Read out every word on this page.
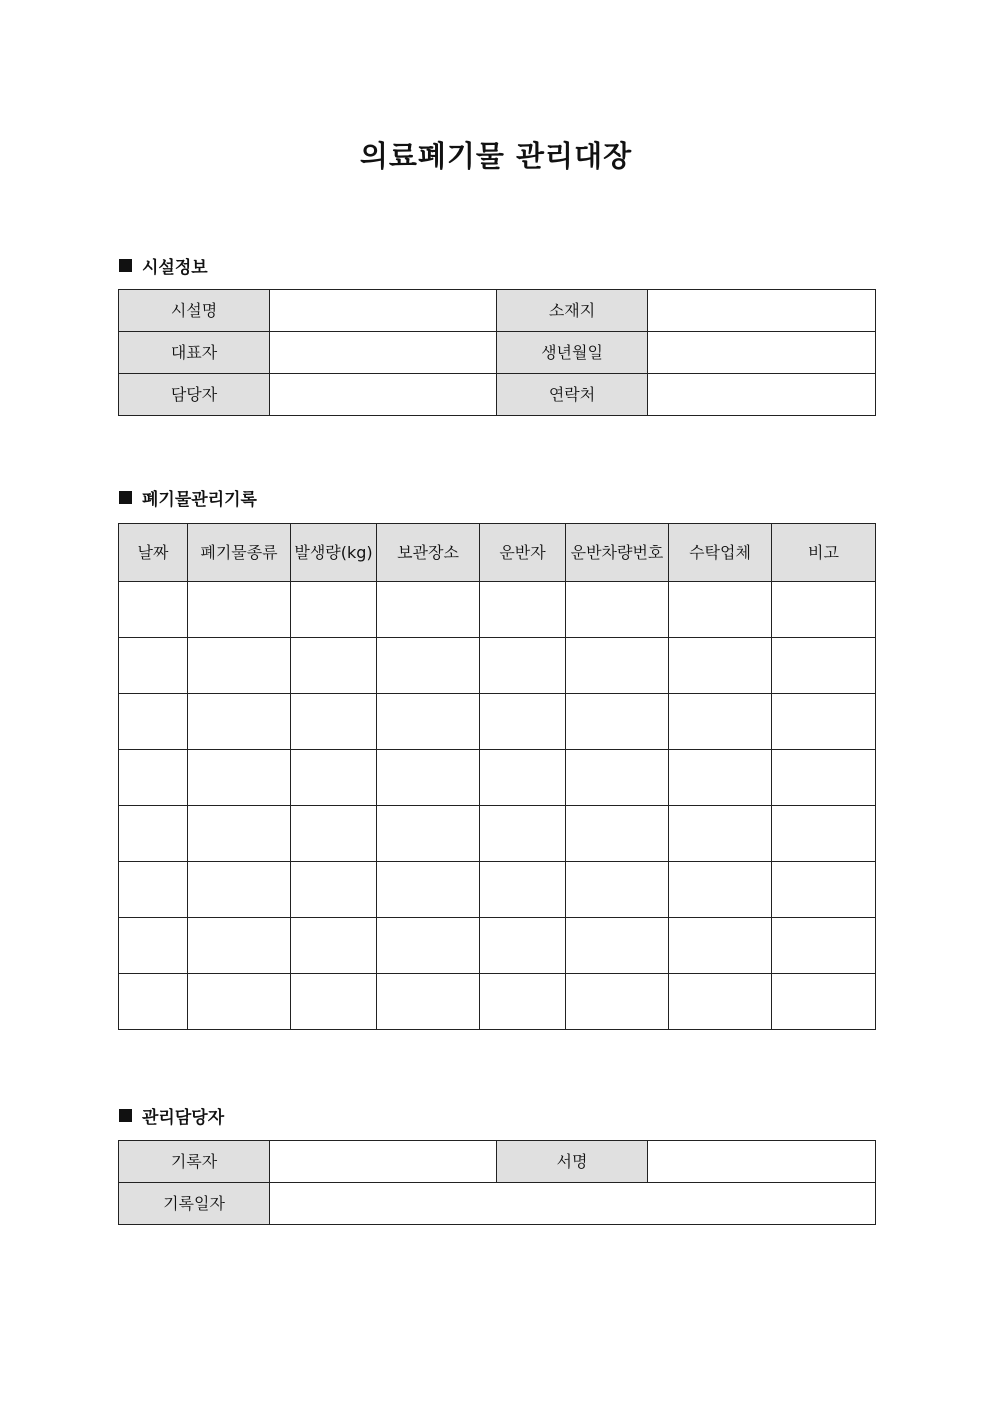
의료폐기물 관리대장
시설정보
시설명		소재지	
대표자		생년월일	
담당자		연락처	
폐기물관리기록
날짜	폐기물종류	발생량(kg)	보관장소	운반자	운반차량번호	수탁업체	비고

관리담당자
기록자		서명	
기록일자			
